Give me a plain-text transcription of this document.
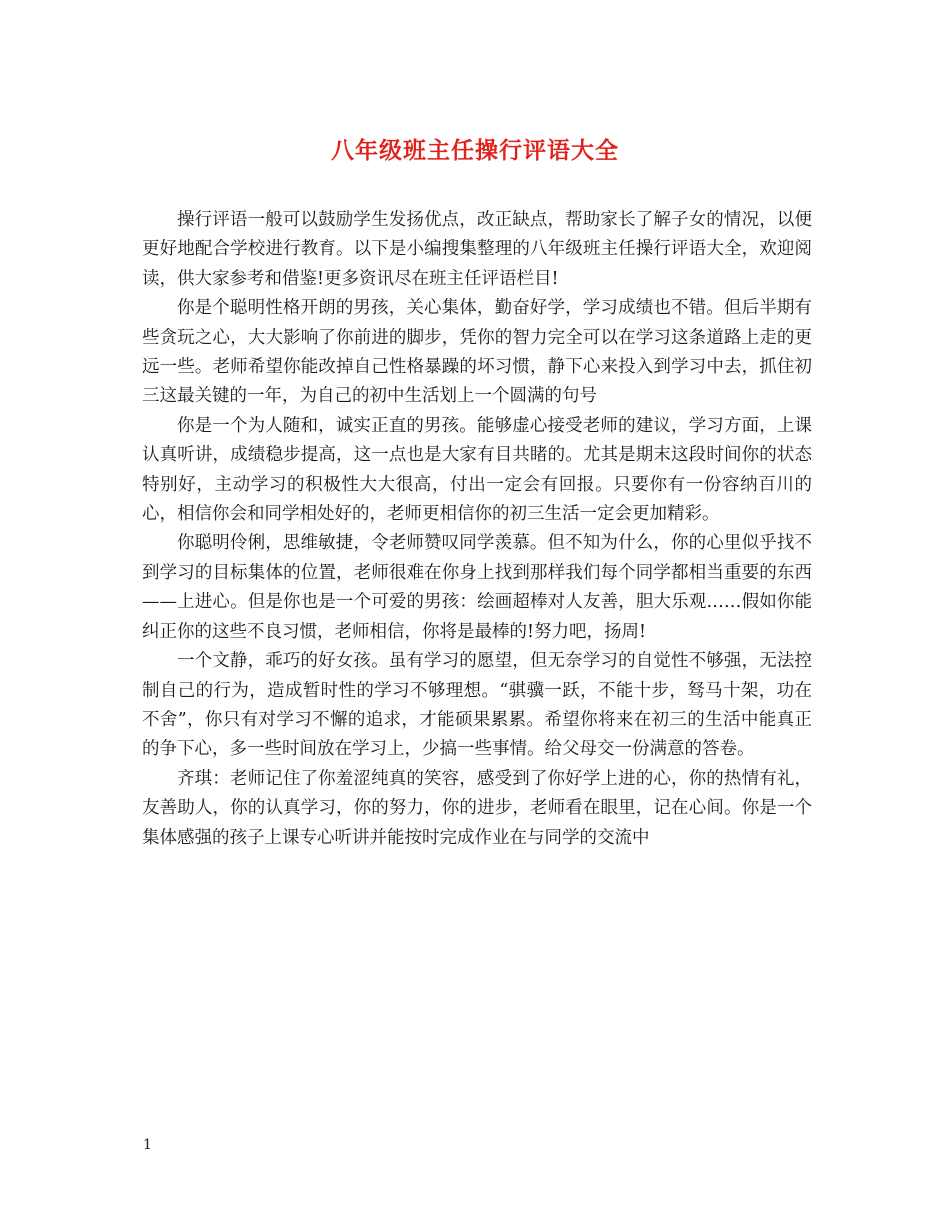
八年级班主任操行评语大全

操行评语一般可以鼓励学生发扬优点，改正缺点，帮助家长了解子女的情况，以便更好地配合学校进行教育。以下是小编搜集整理的八年级班主任操行评语大全，欢迎阅读，供大家参考和借鉴!更多资讯尽在班主任评语栏目!

你是个聪明性格开朗的男孩，关心集体，勤奋好学，学习成绩也不错。但后半期有些贪玩之心，大大影响了你前进的脚步，凭你的智力完全可以在学习这条道路上走的更远一些。老师希望你能改掉自己性格暴躁的坏习惯，静下心来投入到学习中去，抓住初三这最关键的一年，为自己的初中生活划上一个圆满的句号

你是一个为人随和，诚实正直的男孩。能够虚心接受老师的建议，学习方面，上课认真听讲，成绩稳步提高，这一点也是大家有目共睹的。尤其是期末这段时间你的状态特别好，主动学习的积极性大大很高，付出一定会有回报。只要你有一份容纳百川的心，相信你会和同学相处好的，老师更相信你的初三生活一定会更加精彩。

你聪明伶俐，思维敏捷，令老师赞叹同学羡慕。但不知为什么，你的心里似乎找不到学习的目标集体的位置，老师很难在你身上找到那样我们每个同学都相当重要的东西——上进心。但是你也是一个可爱的男孩：绘画超棒对人友善，胆大乐观……假如你能纠正你的这些不良习惯，老师相信，你将是最棒的!努力吧，扬周!

一个文静，乖巧的好女孩。虽有学习的愿望，但无奈学习的自觉性不够强，无法控制自己的行为，造成暂时性的学习不够理想。“骐骥一跃，不能十步，驽马十架，功在不舍”，你只有对学习不懈的追求，才能硕果累累。希望你将来在初三的生活中能真正的争下心，多一些时间放在学习上，少搞一些事情。给父母交一份满意的答卷。

齐琪：老师记住了你羞涩纯真的笑容，感受到了你好学上进的心，你的热情有礼，友善助人，你的认真学习，你的努力，你的进步，老师看在眼里，记在心间。你是一个集体感强的孩子上课专心听讲并能按时完成作业在与同学的交流中

1
